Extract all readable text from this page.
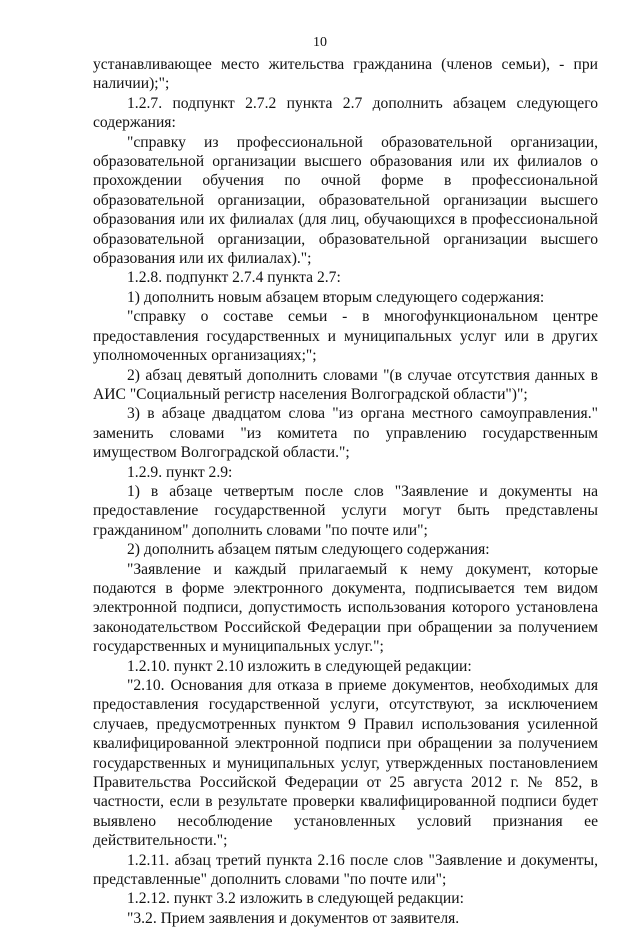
10

устанавливающее место жительства гражданина (членов семьи), - при наличии);";

1.2.7. подпункт 2.7.2 пункта 2.7 дополнить абзацем следующего содержания:

"справку из профессиональной образовательной организации, образовательной организации высшего образования или их филиалов о прохождении обучения по очной форме в профессиональной образовательной организации, образовательной организации высшего образования или их филиалах (для лиц, обучающихся в профессиональной образовательной организации, образовательной организации высшего образования или их филиалах).";

1.2.8. подпункт 2.7.4 пункта 2.7:

1) дополнить новым абзацем вторым следующего содержания:

"справку о составе семьи - в многофункциональном центре предоставления государственных и муниципальных услуг или в других уполномоченных организациях;";

2) абзац девятый дополнить словами "(в случае отсутствия данных в АИС "Социальный регистр населения Волгоградской области")";

3) в абзаце двадцатом слова "из органа местного самоуправления." заменить словами "из комитета по управлению государственным имуществом Волгоградской области.";

1.2.9. пункт 2.9:

1) в абзаце четвертым после слов "Заявление и документы на предоставление государственной услуги могут быть представлены гражданином" дополнить словами "по почте или";

2) дополнить абзацем пятым следующего содержания:

"Заявление и каждый прилагаемый к нему документ, которые подаются в форме электронного документа, подписывается тем видом электронной подписи, допустимость использования которого установлена законодательством Российской Федерации при обращении за получением государственных и муниципальных услуг.";

1.2.10. пункт 2.10 изложить в следующей редакции:

"2.10. Основания для отказа в приеме документов, необходимых для предоставления государственной услуги, отсутствуют, за исключением случаев, предусмотренных пунктом 9 Правил использования усиленной квалифицированной электронной подписи при обращении за получением государственных и муниципальных услуг, утвержденных постановлением Правительства Российской Федерации от 25 августа 2012 г. № 852, в частности, если в результате проверки квалифицированной подписи будет выявлено несоблюдение установленных условий признания ее действительности.";

1.2.11. абзац третий пункта 2.16 после слов "Заявление и документы, представленные" дополнить словами "по почте или";

1.2.12. пункт 3.2 изложить в следующей редакции:

"3.2. Прием заявления и документов от заявителя.
